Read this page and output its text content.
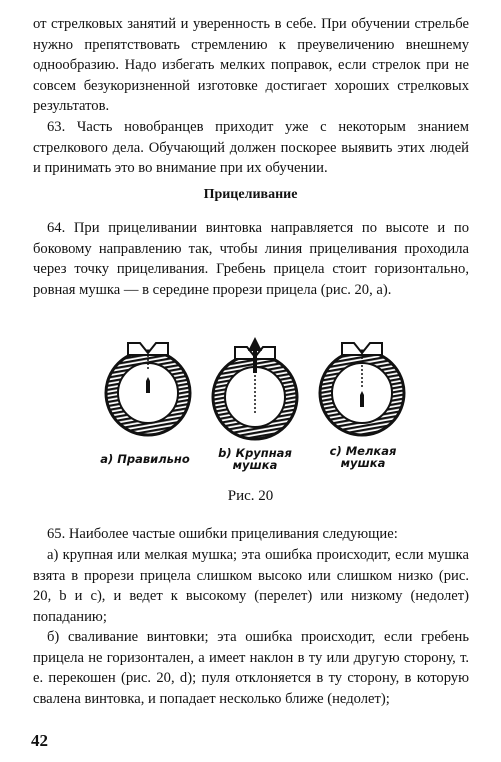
от стрелковых занятий и уверенность в себе. При обучении стрельбе нужно препятствовать стремлению к преувеличению внешнему однообразию. Надо избегать мелких поправок, если стрелок при не совсем безукоризненной изготовке достигает хороших стрелковых результатов.

63. Часть новобранцев приходит уже с некоторым знанием стрелкового дела. Обучающий должен поскорее выявить этих людей и принимать это во внимание при их обучении.

Прицеливание

64. При прицеливании винтовка направляется по высоте и по боковому направлению так, чтобы линия прицеливания проходила через точку прицеливания. Гребень прицела стоит горизонтально, ровная мушка — в середине прорези прицела (рис. 20, а).

а) Правильно	b) Крупная
мушка
c) Мелкая
мушка

Рис. 20

65. Наиболее частые ошибки прицеливания следующие:

а) крупная или мелкая мушка; эта ошибка происходит, если мушка взята в прорези прицела слишком высоко или слишком низко (рис. 20, b и c), и ведет к высокому (перелет) или низкому (недолет) попаданию;

б) сваливание винтовки; эта ошибка происходит, если гребень прицела не горизонтален, а имеет наклон в ту или другую сторону, т. е. перекошен (рис. 20, d); пуля отклоняется в ту сторону, в которую свалена винтовка, и попадает несколько ближе (недолет);

42
